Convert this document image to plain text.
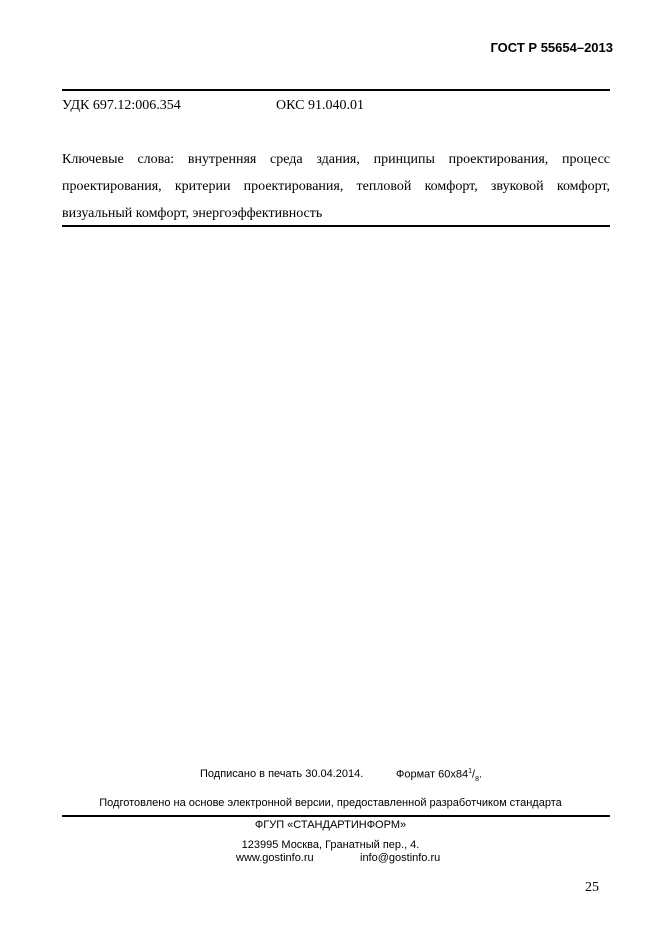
ГОСТ Р 55654–2013
УДК 697.12:006.354	ОКС 91.040.01
Ключевые слова: внутренняя среда здания, принципы проектирования, процесс проектирования, критерии проектирования, тепловой комфорт, звуковой комфорт, визуальный комфорт, энергоэффективность
Подписано в печать 30.04.2014.	Формат $60х84^1/_8$.
Подготовлено на основе электронной версии, предоставленной разработчиком стандарта
ФГУП «СТАНДАРТИНФОРМ»
123995 Москва, Гранатный пер., 4.
www.gostinfo.ru	info@gostinfo.ru
25
